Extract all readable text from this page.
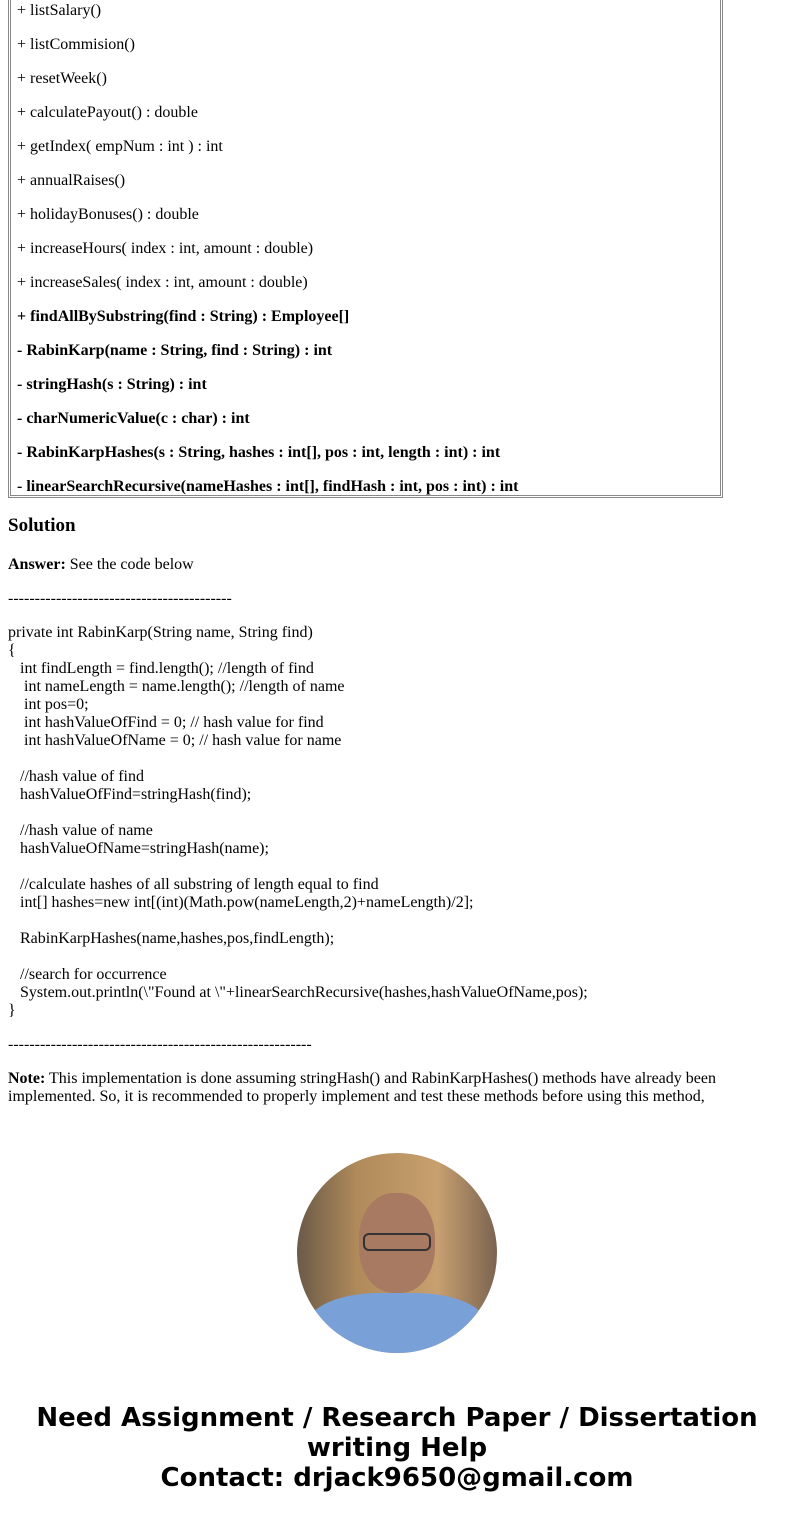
+ listSalary()
+ listCommision()
+ resetWeek()
+ calculatePayout() : double
+ getIndex( empNum : int ) : int
+ annualRaises()
+ holidayBonuses() : double
+ increaseHours( index : int, amount : double)
+ increaseSales( index : int, amount : double)
+ findAllBySubstring(find : String) : Employee[]
- RabinKarp(name : String, find : String) : int
- stringHash(s : String) : int
- charNumericValue(c : char) : int
- RabinKarpHashes(s : String, hashes : int[], pos : int, length : int) : int
- linearSearchRecursive(nameHashes : int[], findHash : int, pos : int) : int
Solution
Answer: See the code below
------------------------------------------
private int RabinKarp(String name, String find)
{
int findLength = find.length(); //length of find
int nameLength = name.length(); //length of name
int pos=0;
int hashValueOfFind = 0; // hash value for find
int hashValueOfName = 0; // hash value for name

//hash value of find
hashValueOfFind=stringHash(find);

//hash value of name
hashValueOfName=stringHash(name);

//calculate hashes of all substring of length equal to find
int[] hashes=new int[(int)(Math.pow(nameLength,2)+nameLength)/2];

RabinKarpHashes(name,hashes,pos,findLength);

//search for occurrence
System.out.println(\"Found at \"+linearSearchRecursive(hashes,hashValueOfName,pos);
}
---------------------------------------------------------
Note: This implementation is done assuming stringHash() and RabinKarpHashes() methods have already been implemented. So, it is recommended to properly implement and test these methods before using this method,
Need Assignment / Research Paper / Dissertation
writing Help
Contact: drjack9650@gmail.com
